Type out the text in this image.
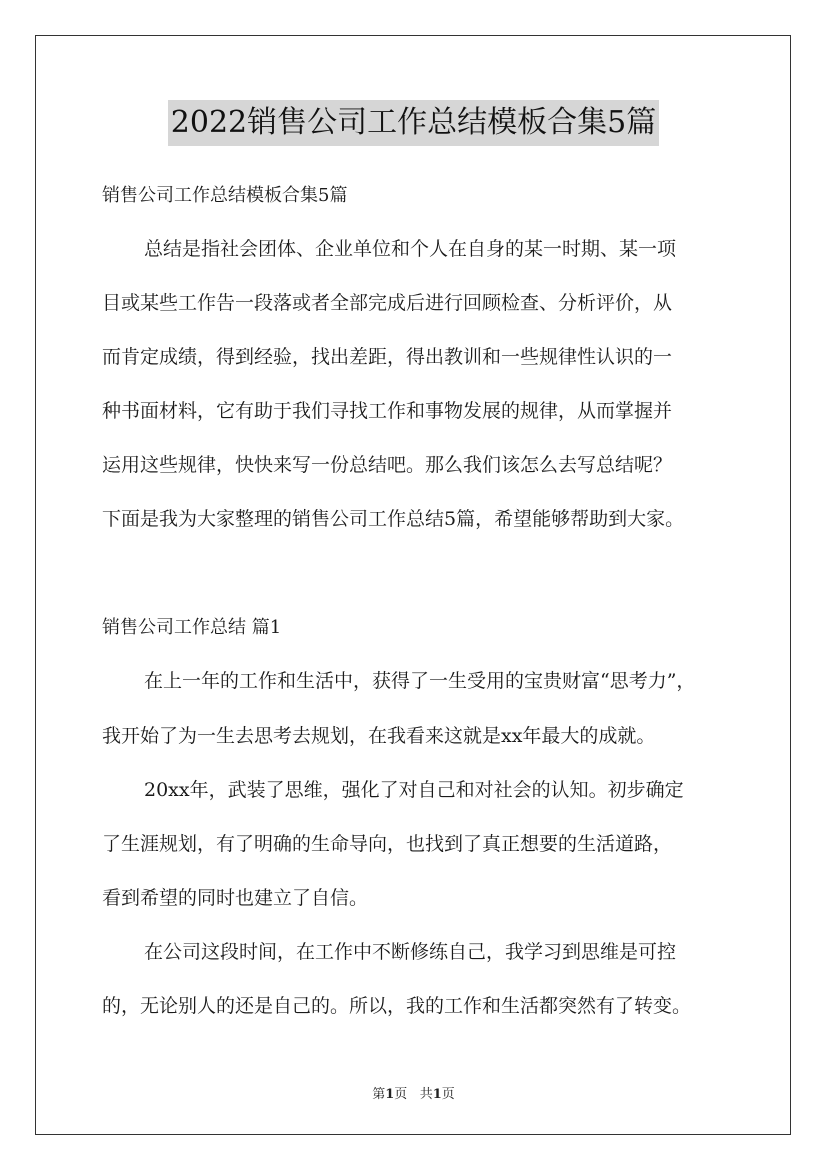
2022销售公司工作总结模板合集5篇
销售公司工作总结模板合集5篇
总结是指社会团体、企业单位和个人在自身的某一时期、某一项
目或某些工作告一段落或者全部完成后进行回顾检查、分析评价，从
而肯定成绩，得到经验，找出差距，得出教训和一些规律性认识的一
种书面材料，它有助于我们寻找工作和事物发展的规律，从而掌握并
运用这些规律，快快来写一份总结吧。那么我们该怎么去写总结呢？
下面是我为大家整理的销售公司工作总结5篇，希望能够帮助到大家。
销售公司工作总结 篇1
在上一年的工作和生活中，获得了一生受用的宝贵财富“思考力”，
我开始了为一生去思考去规划，在我看来这就是xx年最大的成就。
20xx年，武装了思维，强化了对自己和对社会的认知。初步确定
了生涯规划，有了明确的生命导向，也找到了真正想要的生活道路，
看到希望的同时也建立了自信。
在公司这段时间，在工作中不断修练自己，我学习到思维是可控
的，无论别人的还是自己的。所以，我的工作和生活都突然有了转变。
第1页 共1页
